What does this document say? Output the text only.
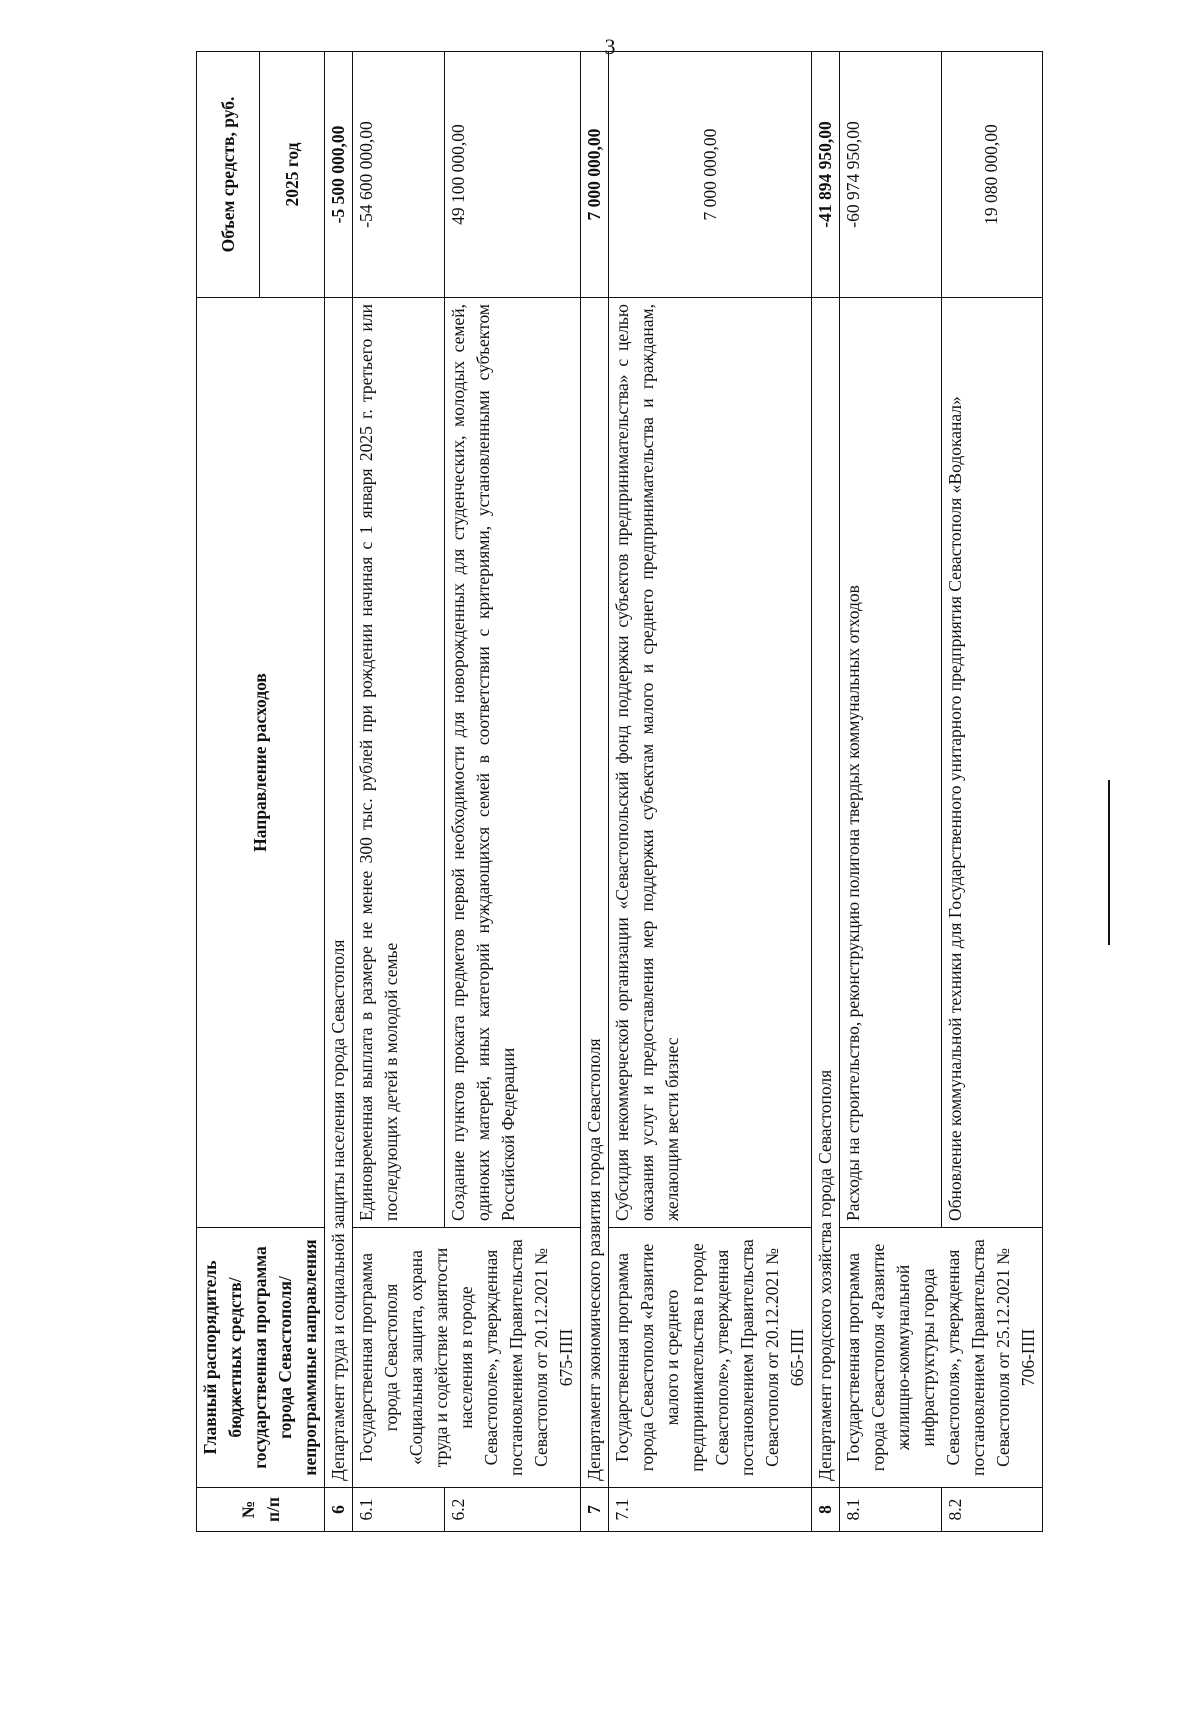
3
№
п/п	Главный распорядитель бюджетных средств/государственная программа города Севастополя/непрограммные направления	Направление расходов	Объем средств, руб.
			2025 год
6	Департамент труда и социальной защиты населения города Севастополя		-5 500 000,00
6.1	Государственная программа города Севастополя «Социальная защита, охрана труда и содействие занятости населения в городе Севастополе», утвержденная постановлением Правительства Севастополя от 20.12.2021 № 675-ПП	Единовременная выплата в размере не менее 300 тыс. рублей при рождении начиная с 1 января 2025 г. третьего или последующих детей в молодой семье	-54 600 000,00
6.2		Создание пунктов проката предметов первой необходимости для новорожденных для студенческих, молодых семей, одиноких матерей, иных категорий нуждающихся семей в соответствии с критериями, установленными субъектом Российской Федерации	49 100 000,00
7	Департамент экономического развития города Севастополя		7 000 000,00
7.1	Государственная программа города Севастополя «Развитие малого и среднего предпринимательства в городе Севастополе», утвержденная постановлением Правительства Севастополя от 20.12.2021 № 665-ПП	Субсидия некоммерческой организации «Севастопольский фонд поддержки субъектов предпринимательства» с целью оказания услуг и предоставления мер поддержки субъектам малого и среднего предпринимательства и гражданам, желающим вести бизнес	7 000 000,00
8	Департамент городского хозяйства города Севастополя		-41 894 950,00
8.1	Государственная программа города Севастополя «Развитие жилищно-коммунальной инфраструктуры города Севастополя», утвержденная постановлением Правительства Севастополя от 25.12.2021 № 706-ПП	Расходы на строительство, реконструкцию полигона твердых коммунальных отходов	-60 974 950,00
8.2		Обновление коммунальной техники для Государственного унитарного предприятия Севастополя «Водоканал»	19 080 000,00
